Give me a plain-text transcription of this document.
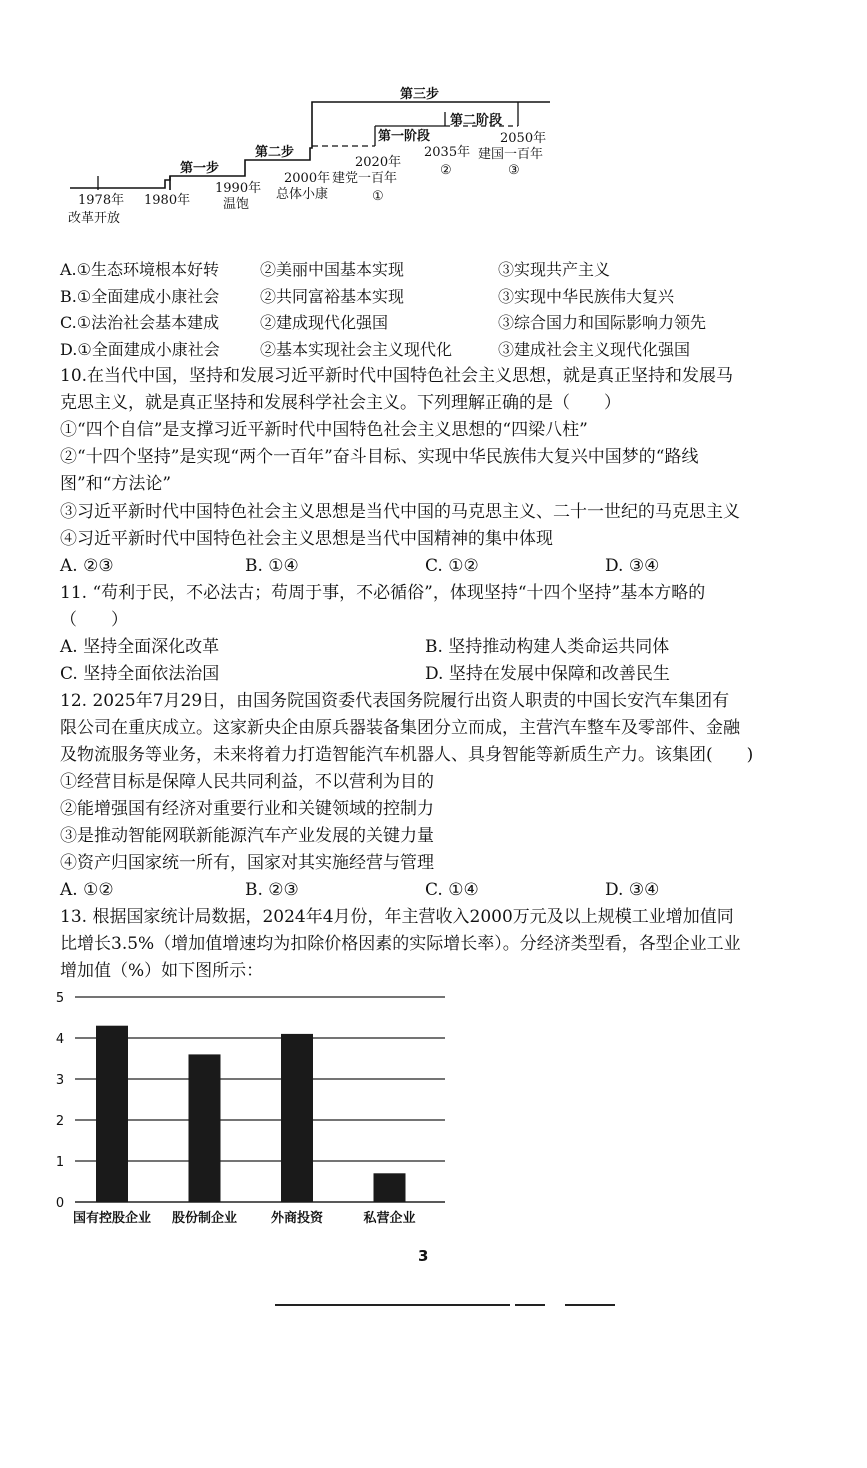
第三步
第一阶段
第二阶段
第一步
第二步
1978年
改革开放
1980年
1990年
温饱
2000年
总体小康
建党一百年
①
2020年
2035年
②
2050年
建国一百年
③
A.①生态环境根本好转	②美丽中国基本实现	③实现共产主义
B.①全面建成小康社会	②共同富裕基本实现	③实现中华民族伟大复兴
C.①法治社会基本建成	②建成现代化强国	③综合国力和国际影响力领先
D.①全面建成小康社会	②基本实现社会主义现代化	③建成社会主义现代化强国
10.在当代中国，坚持和发展习近平新时代中国特色社会主义思想，就是真正坚持和发展马
克思主义，就是真正坚持和发展科学社会主义。下列理解正确的是（　　）
①“四个自信”是支撑习近平新时代中国特色社会主义思想的“四梁八柱”
②“十四个坚持”是实现“两个一百年”奋斗目标、实现中华民族伟大复兴中国梦的“路线
图”和“方法论”
③习近平新时代中国特色社会主义思想是当代中国的马克思主义、二十一世纪的马克思主义
④习近平新时代中国特色社会主义思想是当代中国精神的集中体现
A. ②③	B. ①④	C. ①②	D. ③④
11. “苟利于民，不必法古；苟周于事，不必循俗”，体现坚持“十四个坚持”基本方略的
（　　）
A. 坚持全面深化改革	B. 坚持推动构建人类命运共同体
C. 坚持全面依法治国	D. 坚持在发展中保障和改善民生
12. 2025年7月29日，由国务院国资委代表国务院履行出资人职责的中国长安汽车集团有
限公司在重庆成立。这家新央企由原兵器装备集团分立而成，主营汽车整车及零部件、金融
及物流服务等业务，未来将着力打造智能汽车机器人、具身智能等新质生产力。该集团(　　)
①经营目标是保障人民共同利益，不以营利为目的
②能增强国有经济对重要行业和关键领域的控制力
③是推动智能网联新能源汽车产业发展的关键力量
④资产归国家统一所有，国家对其实施经营与管理
A. ①②	B. ②③	C. ①④	D. ③④
13. 根据国家统计局数据，2024年4月份，年主营收入2000万元及以上规模工业增加值同
比增长3.5%（增加值增速均为扣除价格因素的实际增长率）。分经济类型看，各型企业工业
增加值（%）如下图所示：
0
1
2
3
4
5
国有控股企业 股份制企业	外商投资	私营企业
3
